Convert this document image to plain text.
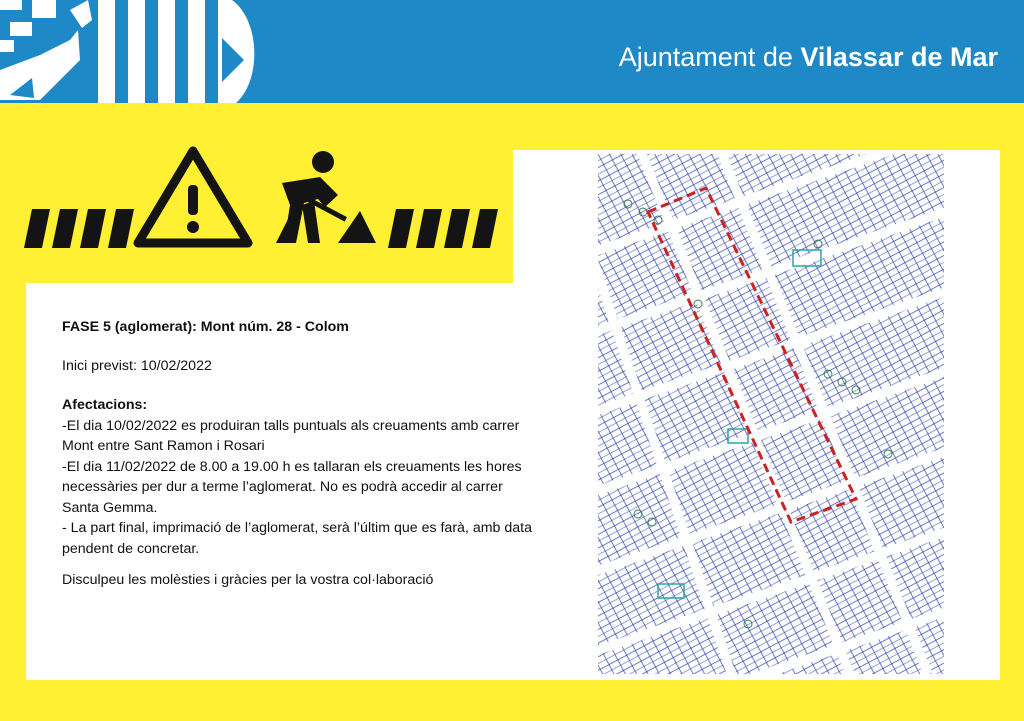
Ajuntament de Vilassar de Mar

FASE 5 (aglomerat): Mont núm. 28 - Colom

Inici previst: 10/02/2022

Afectacions:

-El dia 10/02/2022 es produiran talls puntuals als creuaments amb carrer

Mont entre Sant Ramon i Rosari

-El dia 11/02/2022 de 8.00 a 19.00 h es tallaran els creuaments les hores

necessàries per dur a terme l’aglomerat. No es podrà accedir al carrer

Santa Gemma.

- La part final, imprimació de l’aglomerat, serà l’últim que es farà, amb data

pendent de concretar.

Disculpeu les molèsties i gràcies per la vostra col·laboració
